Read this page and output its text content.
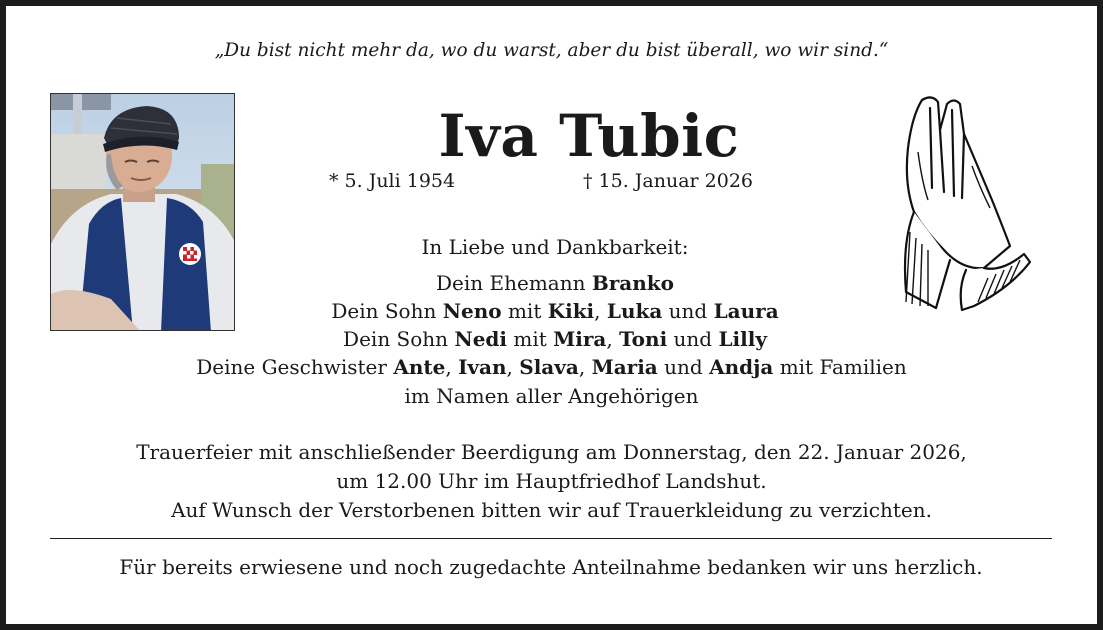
„Du bist nicht mehr da, wo du warst, aber du bist überall, wo wir sind.“
Iva Tubic
* 5. Juli 1954	† 15. Januar 2026
In Liebe und Dankbarkeit:
Dein Ehemann Branko
Dein Sohn Neno mit Kiki, Luka und Laura
Dein Sohn Nedi mit Mira, Toni und Lilly
Deine Geschwister Ante, Ivan, Slava, Maria und Andja mit Familien
im Namen aller Angehörigen
Trauerfeier mit anschließender Beerdigung am Donnerstag, den 22. Januar 2026,
um 12.00 Uhr im Hauptfriedhof Landshut.
Auf Wunsch der Verstorbenen bitten wir auf Trauerkleidung zu verzichten.
Für bereits erwiesene und noch zugedachte Anteilnahme bedanken wir uns herzlich.
